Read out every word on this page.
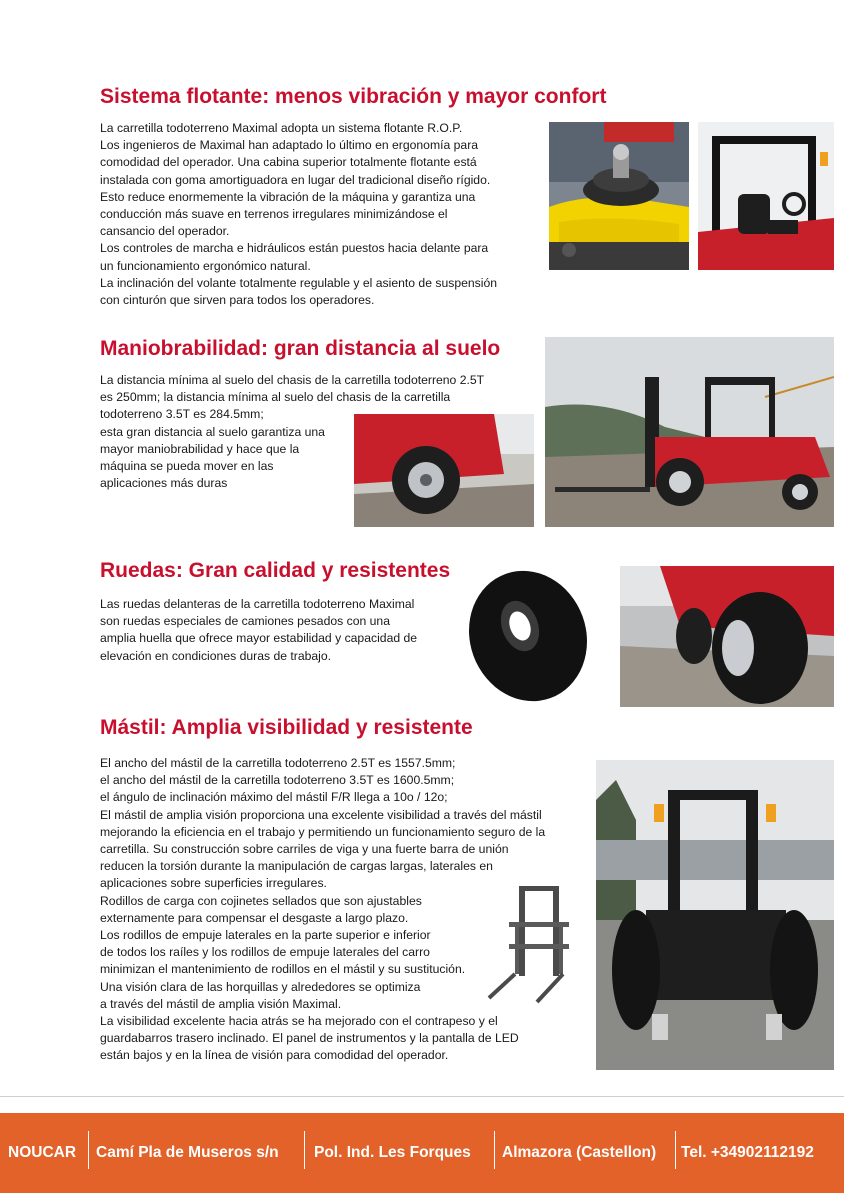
Sistema flotante: menos vibración y mayor confort
La carretilla todoterreno Maximal adopta un sistema flotante R.O.P.
Los ingenieros de Maximal han adaptado lo último en ergonomía para
comodidad del operador. Una cabina superior totalmente flotante está
instalada con goma amortiguadora en lugar del tradicional diseño rígido.
Esto reduce enormemente la vibración de la máquina y garantiza una
conducción más suave en terrenos irregulares minimizándose el
cansancio del operador.
Los controles de marcha e hidráulicos están puestos hacia delante para
un funcionamiento ergonómico natural.
La inclinación del volante totalmente regulable y el asiento de suspensión
con cinturón que sirven para todos los operadores.
Maniobrabilidad: gran distancia al suelo
La distancia mínima al suelo del chasis de la carretilla todoterreno 2.5T
es 250mm; la distancia mínima al suelo del chasis de la carretilla
todoterreno 3.5T es 284.5mm;
esta gran distancia al suelo garantiza una
mayor maniobrabilidad y hace que la
máquina se pueda mover en las
aplicaciones más duras
Ruedas: Gran calidad y resistentes
Las ruedas delanteras de la carretilla todoterreno Maximal
son ruedas especiales de camiones pesados con una
amplia huella que ofrece mayor estabilidad y capacidad de
elevación en condiciones duras de trabajo.
Mástil: Amplia visibilidad y resistente
El ancho del mástil de la carretilla todoterreno 2.5T es 1557.5mm;
el ancho del mástil de la carretilla todoterreno 3.5T es 1600.5mm;
el ángulo de inclinación máximo del mástil F/R llega a 10o / 12o;
El mástil de amplia visión proporciona una excelente visibilidad a través del mástil
mejorando la eficiencia en el trabajo y permitiendo un funcionamiento seguro de la
carretilla. Su construcción sobre carriles de viga y una fuerte barra de unión
reducen la torsión durante la manipulación de cargas largas, laterales en
aplicaciones sobre superficies irregulares.
Rodillos de carga con cojinetes sellados que son ajustables
externamente para compensar el desgaste a largo plazo.
Los rodillos de empuje laterales en la parte superior e inferior
de todos los raíles y los rodillos de empuje laterales del carro
minimizan el mantenimiento de rodillos en el mástil y su sustitución.
Una visión clara de las horquillas y alrededores se optimiza
a través del mástil de amplia visión Maximal.
La visibilidad excelente hacia atrás se ha mejorado con el contrapeso y el
guardabarros trasero inclinado. El panel de instrumentos y la pantalla de LED
están bajos y en la línea de visión para comodidad del operador.
NOUCAR Camí Pla de Museros s/n Pol. Ind. Les Forques Almazora (Castellon) Tel. +34902112192
